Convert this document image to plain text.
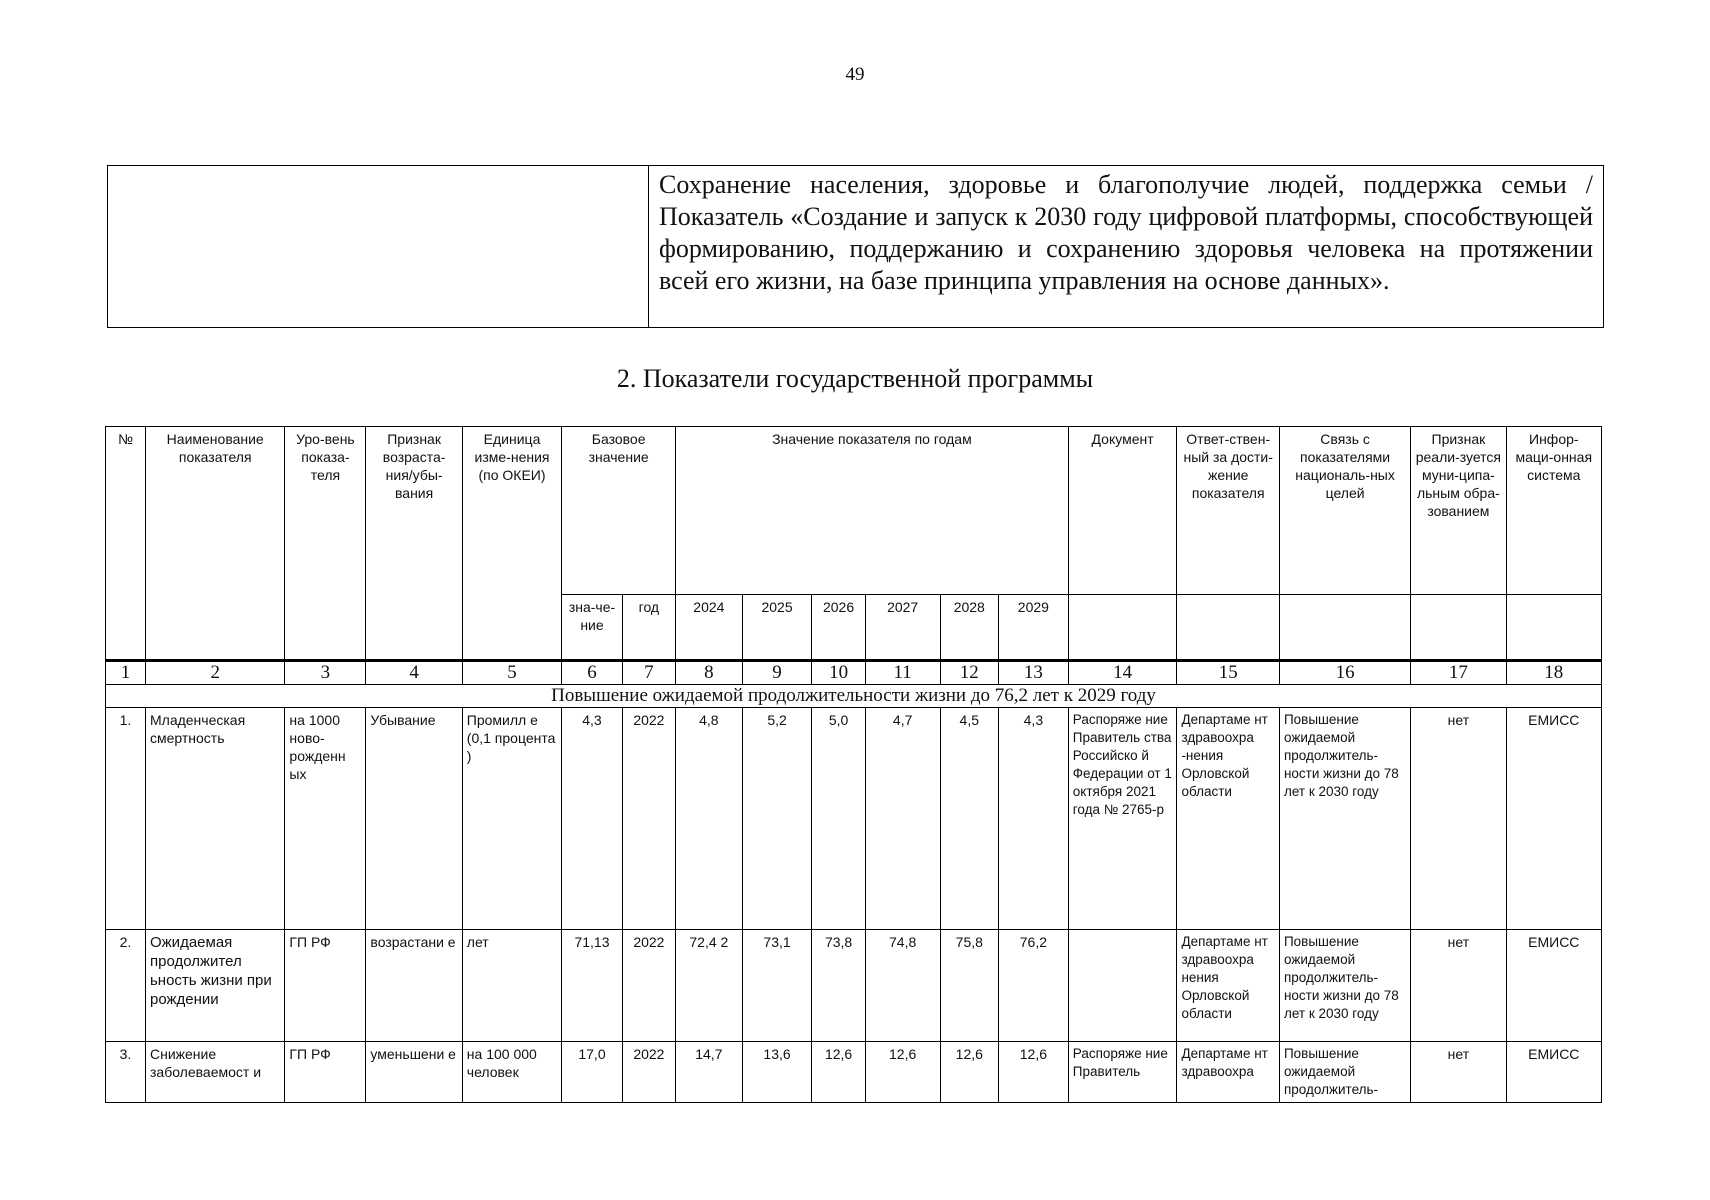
49
Сохранение населения, здоровье и благополучие людей, поддержка семьи / Показатель «Создание и запуск к 2030 году цифровой платформы, способствующей формированию, поддержанию и сохранению здоровья человека на протяжении всей его жизни, на базе принципа управления на основе данных».
2. Показатели государственной программы
№	Наименование показателя	Уро-вень показа-теля	Признак возраста-ния/убы-вания	Единица изме-нения (по ОКЕИ)	Базовое значение		Значение показателя по годам						Документ	Ответ-ствен-ный за дости-жение показателя	Связь с показателями националь-ных целей	Признак реали-зуется муни-ципа-льным обра-зованием	Инфор-маци-онная система
					зна-че-ние	год	2024	2025	2026	2027	2028	2029					
1	2	3	4	5	6	7	8	9	10	11	12	13	14	15	16	17	18
Повышение ожидаемой продолжительности жизни до 76,2 лет к 2029 году																	
1.	Младенческая смертность	на 1000 ново-рожденн ых	Убывание	Промилл е (0,1 процента )	4,3	2022	4,8	5,2	5,0	4,7	4,5	4,3	Распоряже ние Правитель ства Российско й Федерации от 1 октября 2021 года № 2765-р	Департаме нт здравоохра -нения Орловской области	Повышение ожидаемой продолжитель-ности жизни до 78 лет к 2030 году	нет	ЕМИСС
2.	Ожидаемая продолжител ьность жизни при рождении	ГП РФ	возрастани е	лет	71,13	2022	72,4 2	73,1	73,8	74,8	75,8	76,2		Департаме нт здравоохра нения Орловской области	Повышение ожидаемой продолжитель-ности жизни до 78 лет к 2030 году	нет	ЕМИСС
3.	Снижение заболеваемост и	ГП РФ	уменьшени е	на 100 000 человек	17,0	2022	14,7	13,6	12,6	12,6	12,6	12,6	Распоряже ние Правитель	Департаме нт здравоохра	Повышение ожидаемой продолжитель-	нет	ЕМИСС
